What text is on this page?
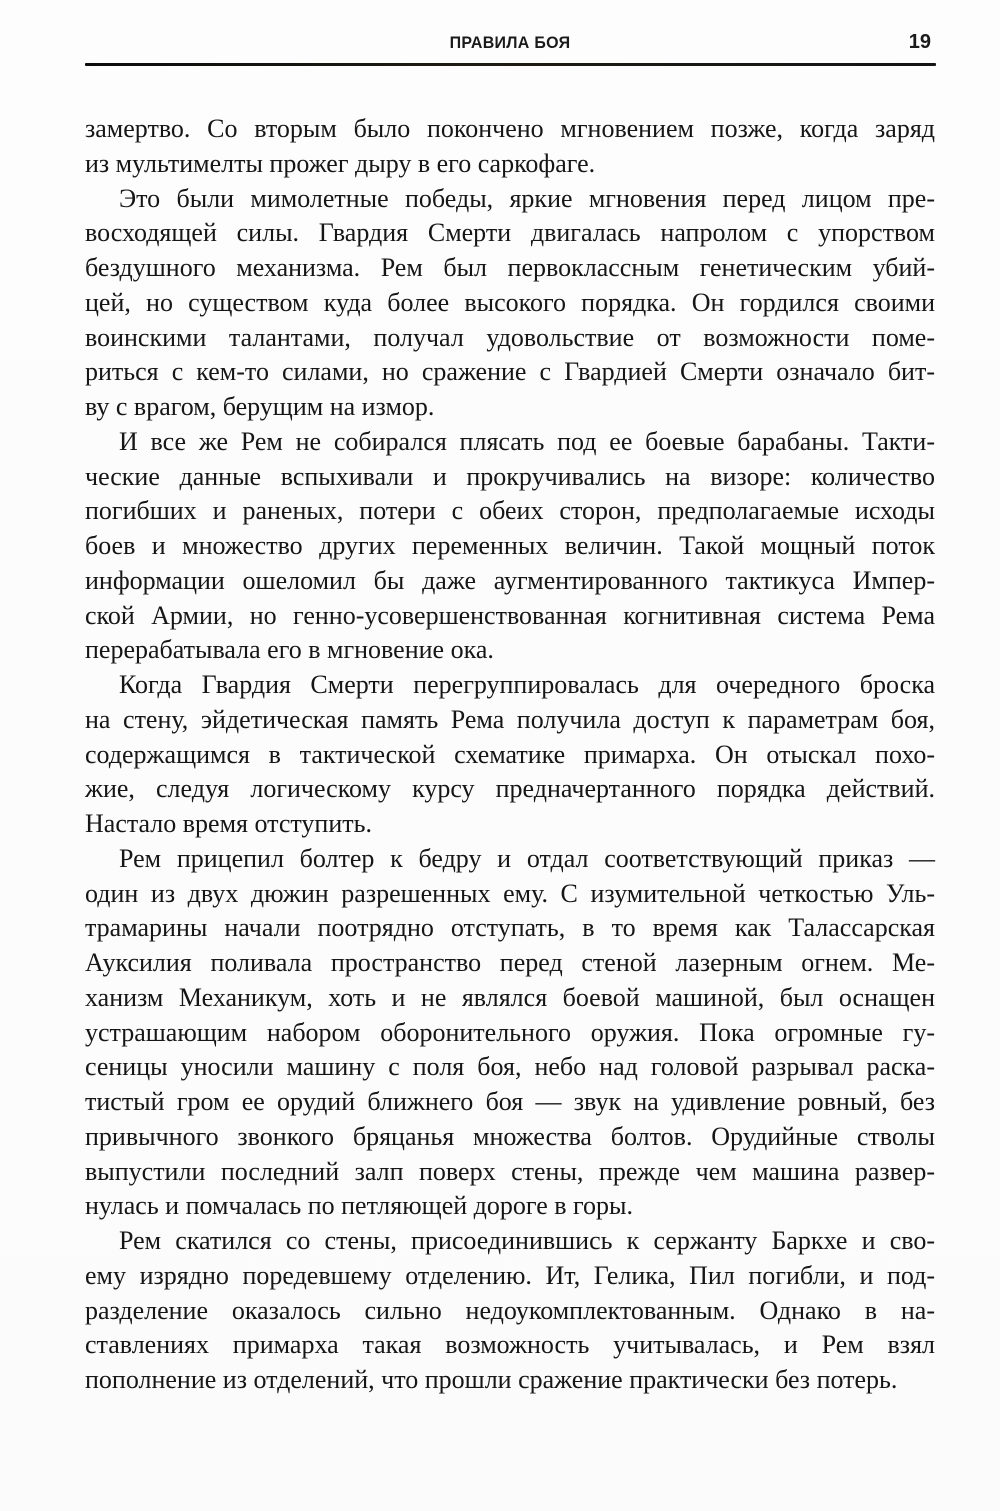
ПРАВИЛА БОЯ	19
замертво. Со вторым было покончено мгновением позже, когда заряд
из мультимелты прожег дыру в его саркофаге.
Это были мимолетные победы, яркие мгновения перед лицом пре-
восходящей силы. Гвардия Смерти двигалась напролом с упорством
бездушного механизма. Рем был первоклассным генетическим убий-
цей, но существом куда более высокого порядка. Он гордился своими
воинскими талантами, получал удовольствие от возможности поме-
риться с кем-то силами, но сражение с Гвардией Смерти означало бит-
ву с врагом, берущим на измор.
И все же Рем не собирался плясать под ее боевые барабаны. Такти-
ческие данные вспыхивали и прокручивались на визоре: количество
погибших и раненых, потери с обеих сторон, предполагаемые исходы
боев и множество других переменных величин. Такой мощный поток
информации ошеломил бы даже аугментированного тактикуса Импер-
ской Армии, но генно-усовершенствованная когнитивная система Рема
перерабатывала его в мгновение ока.
Когда Гвардия Смерти перегруппировалась для очередного броска
на стену, эйдетическая память Рема получила доступ к параметрам боя,
содержащимся в тактической схематике примарха. Он отыскал похо-
жие, следуя логическому курсу предначертанного порядка действий.
Настало время отступить.
Рем прицепил болтер к бедру и отдал соответствующий приказ —
один из двух дюжин разрешенных ему. С изумительной четкостью Уль-
трамарины начали поотрядно отступать, в то время как Талассарская
Ауксилия поливала пространство перед стеной лазерным огнем. Ме-
ханизм Механикум, хоть и не являлся боевой машиной, был оснащен
устрашающим набором оборонительного оружия. Пока огромные гу-
сеницы уносили машину с поля боя, небо над головой разрывал раска-
тистый гром ее орудий ближнего боя — звук на удивление ровный, без
привычного звонкого бряцанья множества болтов. Орудийные стволы
выпустили последний залп поверх стены, прежде чем машина развер-
нулась и помчалась по петляющей дороге в горы.
Рем скатился со стены, присоединившись к сержанту Баркхе и сво-
ему изрядно поредевшему отделению. Ит, Гелика, Пил погибли, и под-
разделение оказалось сильно недоукомплектованным. Однако в на-
ставлениях примарха такая возможность учитывалась, и Рем взял
пополнение из отделений, что прошли сражение практически без потерь.
